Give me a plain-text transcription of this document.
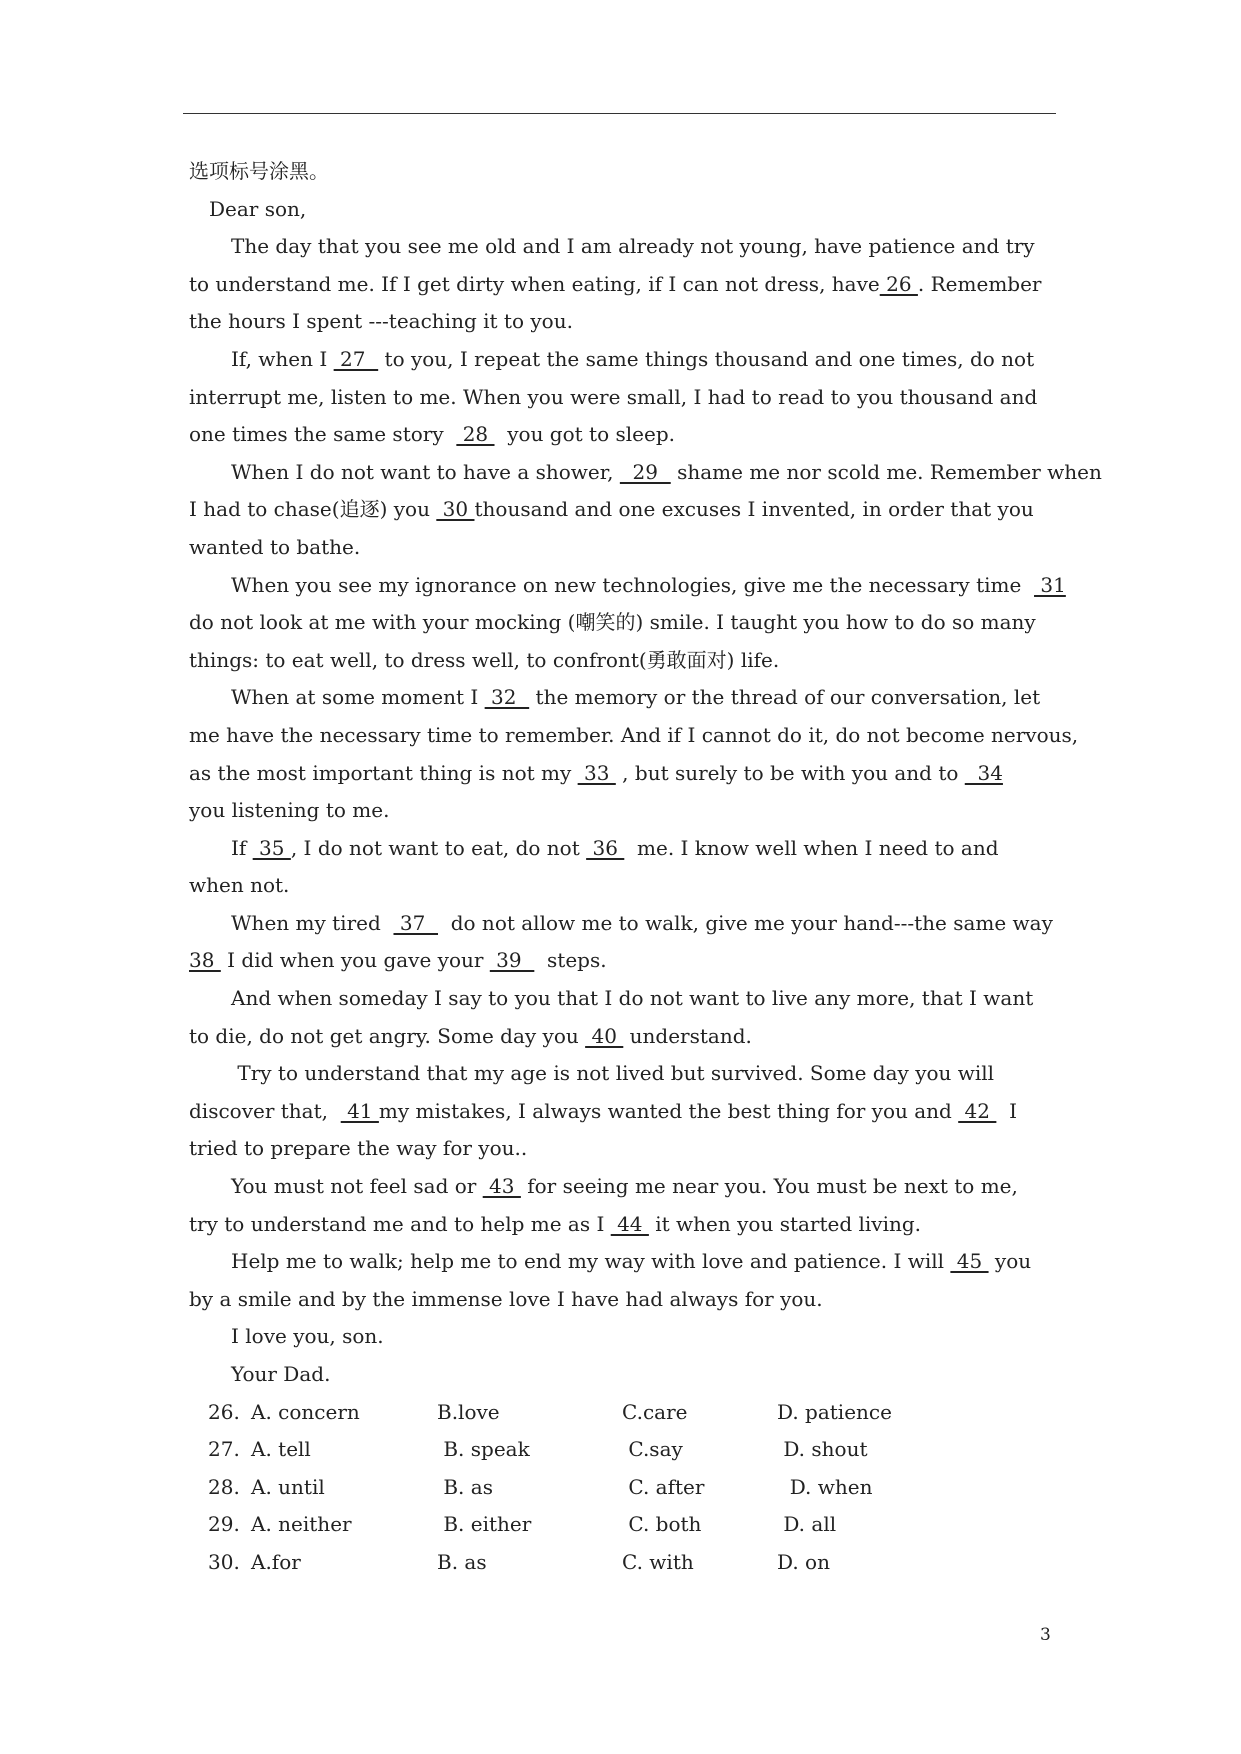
选项标号涂黑。
Dear son,
The day that you see me old and I am already not young, have patience and try
to understand me. If I get dirty when eating, if I can not dress, have 26 . Remember
the hours I spent ---teaching it to you.
If, when I  27   to you, I repeat the same things thousand and one times, do not
interrupt me, listen to me. When you were small, I had to read to you thousand and
one times the same story   28   you got to sleep.
When I do not want to have a shower,   29   shame me nor scold me. Remember when
I had to chase(追逐) you  30 thousand and one excuses I invented, in order that you
wanted to bathe.
When you see my ignorance on new technologies, give me the necessary time   31
do not look at me with your mocking (嘲笑的) smile. I taught you how to do so many
things: to eat well, to dress well, to confront(勇敢面对) life.
When at some moment I  32   the memory or the thread of our conversation, let
me have the necessary time to remember. And if I cannot do it, do not become nervous,
as the most important thing is not my  33  , but surely to be with you and to   34
you listening to me.
If  35 , I do not want to eat, do not  36   me. I know well when I need to and
when not.
When my tired   37    do not allow me to walk, give me your hand---the same way
38  I did when you gave your  39    steps.
And when someday I say to you that I do not want to live any more, that I want
to die, do not get angry. Some day you  40  understand.
Try to understand that my age is not lived but survived. Some day you will
discover that,   41 my mistakes, I always wanted the best thing for you and  42   I
tried to prepare the way for you..
You must not feel sad or  43  for seeing me near you. You must be next to me,
try to understand me and to help me as I  44  it when you started living.
Help me to walk; help me to end my way with love and patience. I will  45  you
by a smile and by the immense love I have had always for you.
I love you, son.
Your Dad.
26. A. concern	B.love	C.care	D. patience
27. A. tell	B. speak	C.say	D. shout
28. A. until	B. as	C. after	D. when
29. A. neither	B. either	C. both	D. all
30. A.for	B. as	C. with	D. on
3
